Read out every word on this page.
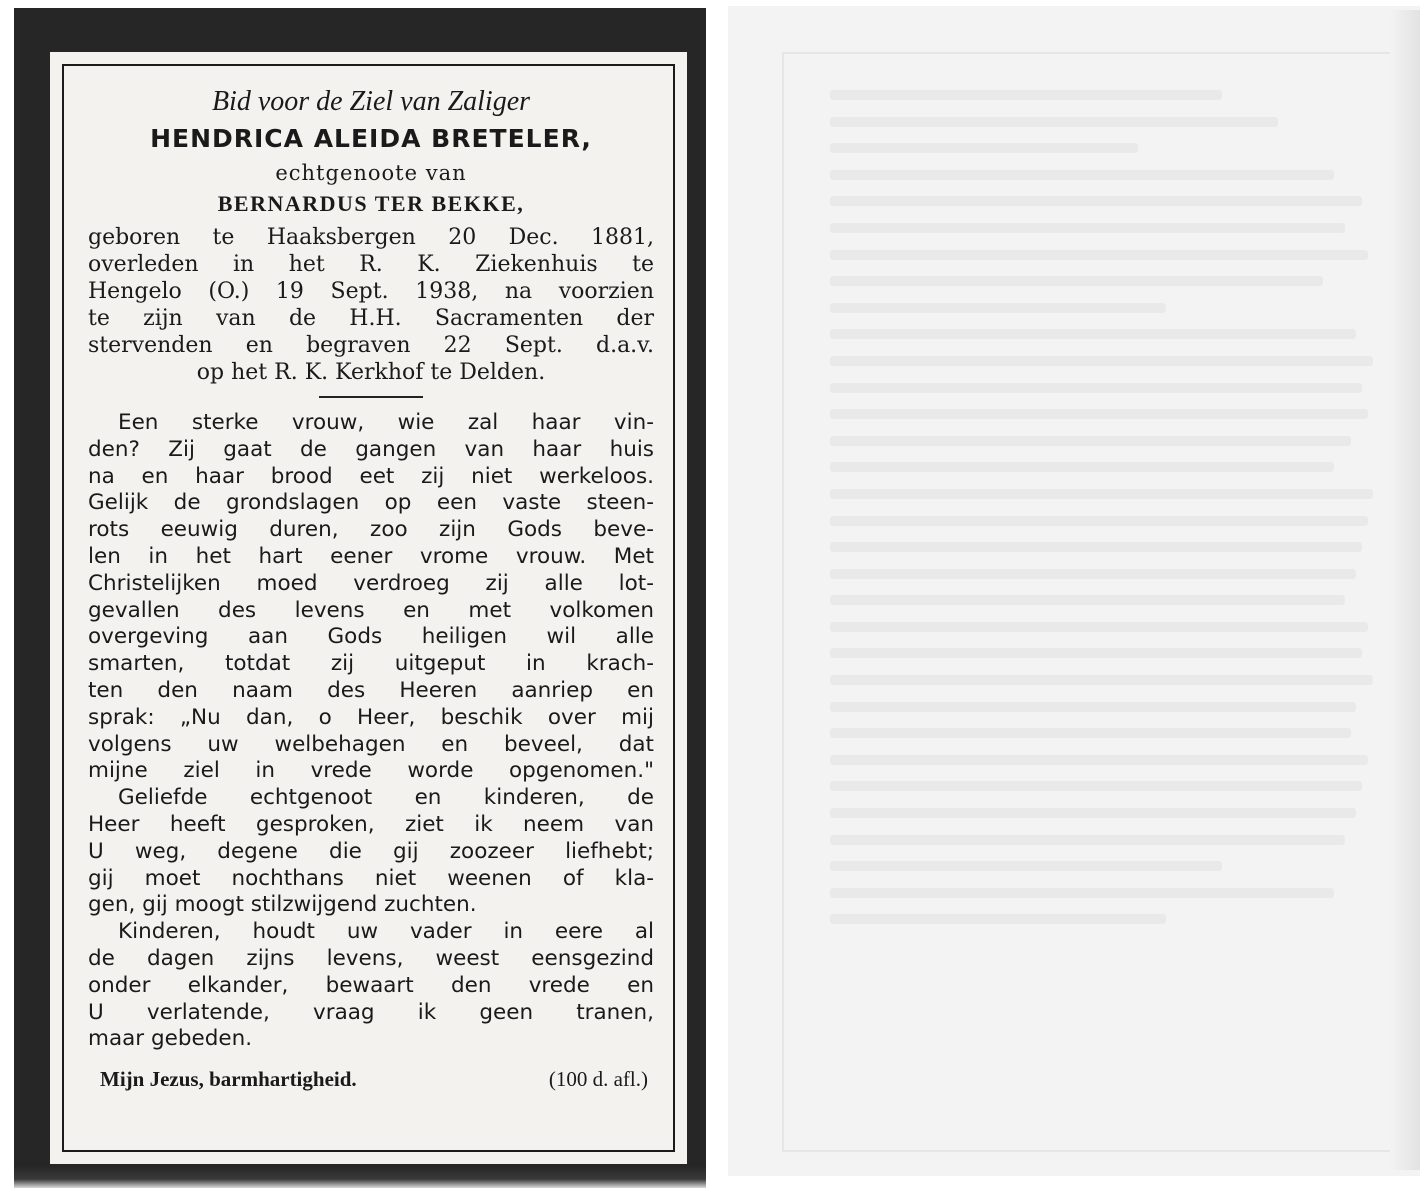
Bid voor de Ziel van Zaliger
HENDRICA ALEIDA BRETELER,
echtgenoote van
BERNARDUS TER BEKKE,
geboren te Haaksbergen 20 Dec. 1881,
overleden in het R. K. Ziekenhuis te
Hengelo (O.) 19 Sept. 1938, na voorzien
te zijn van de H.H. Sacramenten der
stervenden en begraven 22 Sept. d.a.v.
op het R. K. Kerkhof te Delden.
Een sterke vrouw, wie zal haar vin-
den? Zij gaat de gangen van haar huis
na en haar brood eet zij niet werkeloos.
Gelijk de grondslagen op een vaste steen-
rots eeuwig duren, zoo zijn Gods beve-
len in het hart eener vrome vrouw. Met
Christelijken moed verdroeg zij alle lot-
gevallen des levens en met volkomen
overgeving aan Gods heiligen wil alle
smarten, totdat zij uitgeput in krach-
ten den naam des Heeren aanriep en
sprak: „Nu dan, o Heer, beschik over mij
volgens uw welbehagen en beveel, dat
mijne ziel in vrede worde opgenomen."
Geliefde echtgenoot en kinderen, de
Heer heeft gesproken, ziet ik neem van
U weg, degene die gij zoozeer liefhebt;
gij moet nochthans niet weenen of kla-
gen, gij moogt stilzwijgend zuchten.
Kinderen, houdt uw vader in eere al
de dagen zijns levens, weest eensgezind
onder elkander, bewaart den vrede en
U verlatende, vraag ik geen tranen,
maar gebeden.
Mijn Jezus, barmhartigheid.	(100 d. afl.)
